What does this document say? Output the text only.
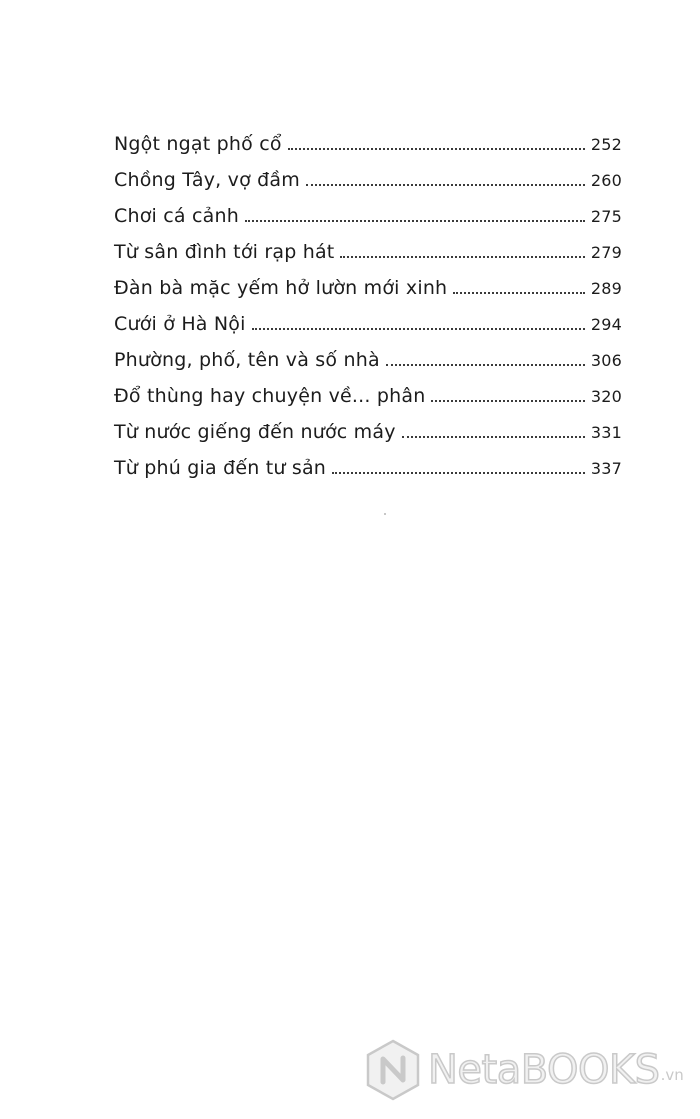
Ngột ngạt phố cổ	252
Chồng Tây, vợ đầm	260
Chơi cá cảnh	275
Từ sân đình tới rạp hát	279
Đàn bà mặc yếm hở lườn mới xinh	289
Cưới ở Hà Nội	294
Phường, phố, tên và số nhà	306
Đổ thùng hay chuyện về... phân	320
Từ nước giếng đến nước máy	331
Từ phú gia đến tư sản	337
NetaBOOKS .vn
